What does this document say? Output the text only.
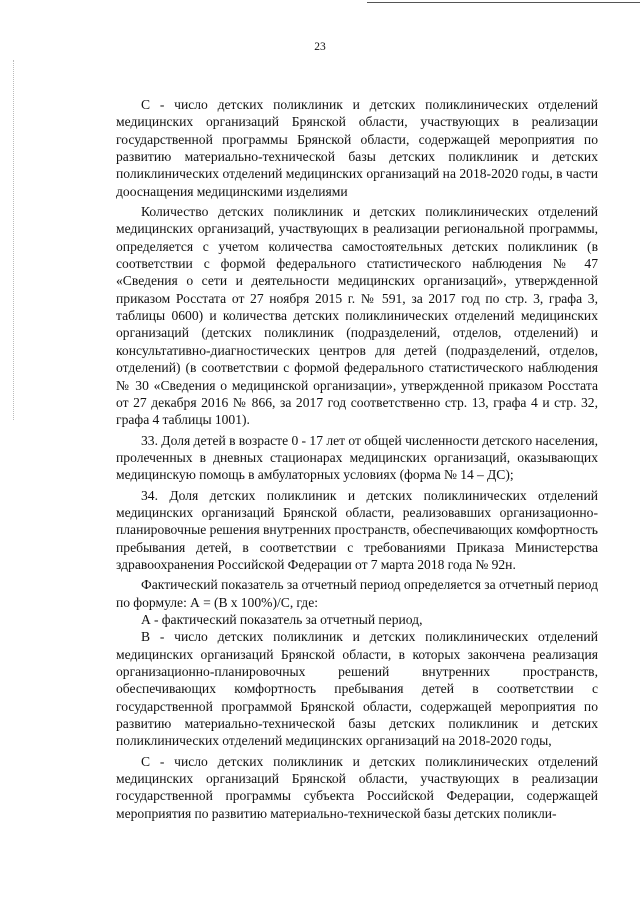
23

С - число детских поликлиник и детских поликлинических отделений медицинских организаций Брянской области, участвующих в реализации государственной программы Брянской области, содержащей мероприятия по развитию материально-технической базы детских поликлиник и детских поликлинических отделений медицинских организаций на 2018-2020 годы, в части дооснащения медицинскими изделиями

Количество детских поликлиник и детских поликлинических отделений медицинских организаций, участвующих в реализации региональной программы, определяется с учетом количества самостоятельных детских поликлиник (в соответствии с формой федерального статистического наблюдения № 47 «Сведения о сети и деятельности медицинских организаций», утвержденной приказом Росстата от 27 ноября 2015 г. № 591, за 2017 год по стр. 3, графа 3, таблицы 0600) и количества детских поликлинических отделений медицинских организаций (детских поликлиник (подразделений, отделов, отделений) и консультативно-диагностических центров для детей (подразделений, отделов, отделений) (в соответствии с формой федерального статистического наблюдения № 30 «Сведения о медицинской организации», утвержденной приказом Росстата от 27 декабря 2016 № 866, за 2017 год соответственно стр. 13, графа 4 и стр. 32, графа 4 таблицы 1001).

33. Доля детей в возрасте 0 - 17 лет от общей численности детского населения, пролеченных в дневных стационарах медицинских организаций, оказывающих медицинскую помощь в амбулаторных условиях (форма № 14 – ДС);

34. Доля детских поликлиник и детских поликлинических отделений медицинских организаций Брянской области, реализовавших организационно-планировочные решения внутренних пространств, обеспечивающих комфортность пребывания детей, в соответствии с требованиями Приказа Министерства здравоохранения Российской Федерации от 7 марта 2018 года № 92н.

Фактический показатель за отчетный период определяется за отчетный период по формуле: А = (В х 100%)/С, где:

А - фактический показатель за отчетный период,

В - число детских поликлиник и детских поликлинических отделений медицинских организаций Брянской области, в которых закончена реализация организационно-планировочных решений внутренних пространств, обеспечивающих комфортность пребывания детей в соответствии с государственной программой Брянской области, содержащей мероприятия по развитию материально-технической базы детских поликлиник и детских поликлинических отделений медицинских организаций на 2018-2020 годы,

С - число детских поликлиник и детских поликлинических отделений медицинских организаций Брянской области, участвующих в реализации государственной программы субъекта Российской Федерации, содержащей мероприятия по развитию материально-технической базы детских поликли-
